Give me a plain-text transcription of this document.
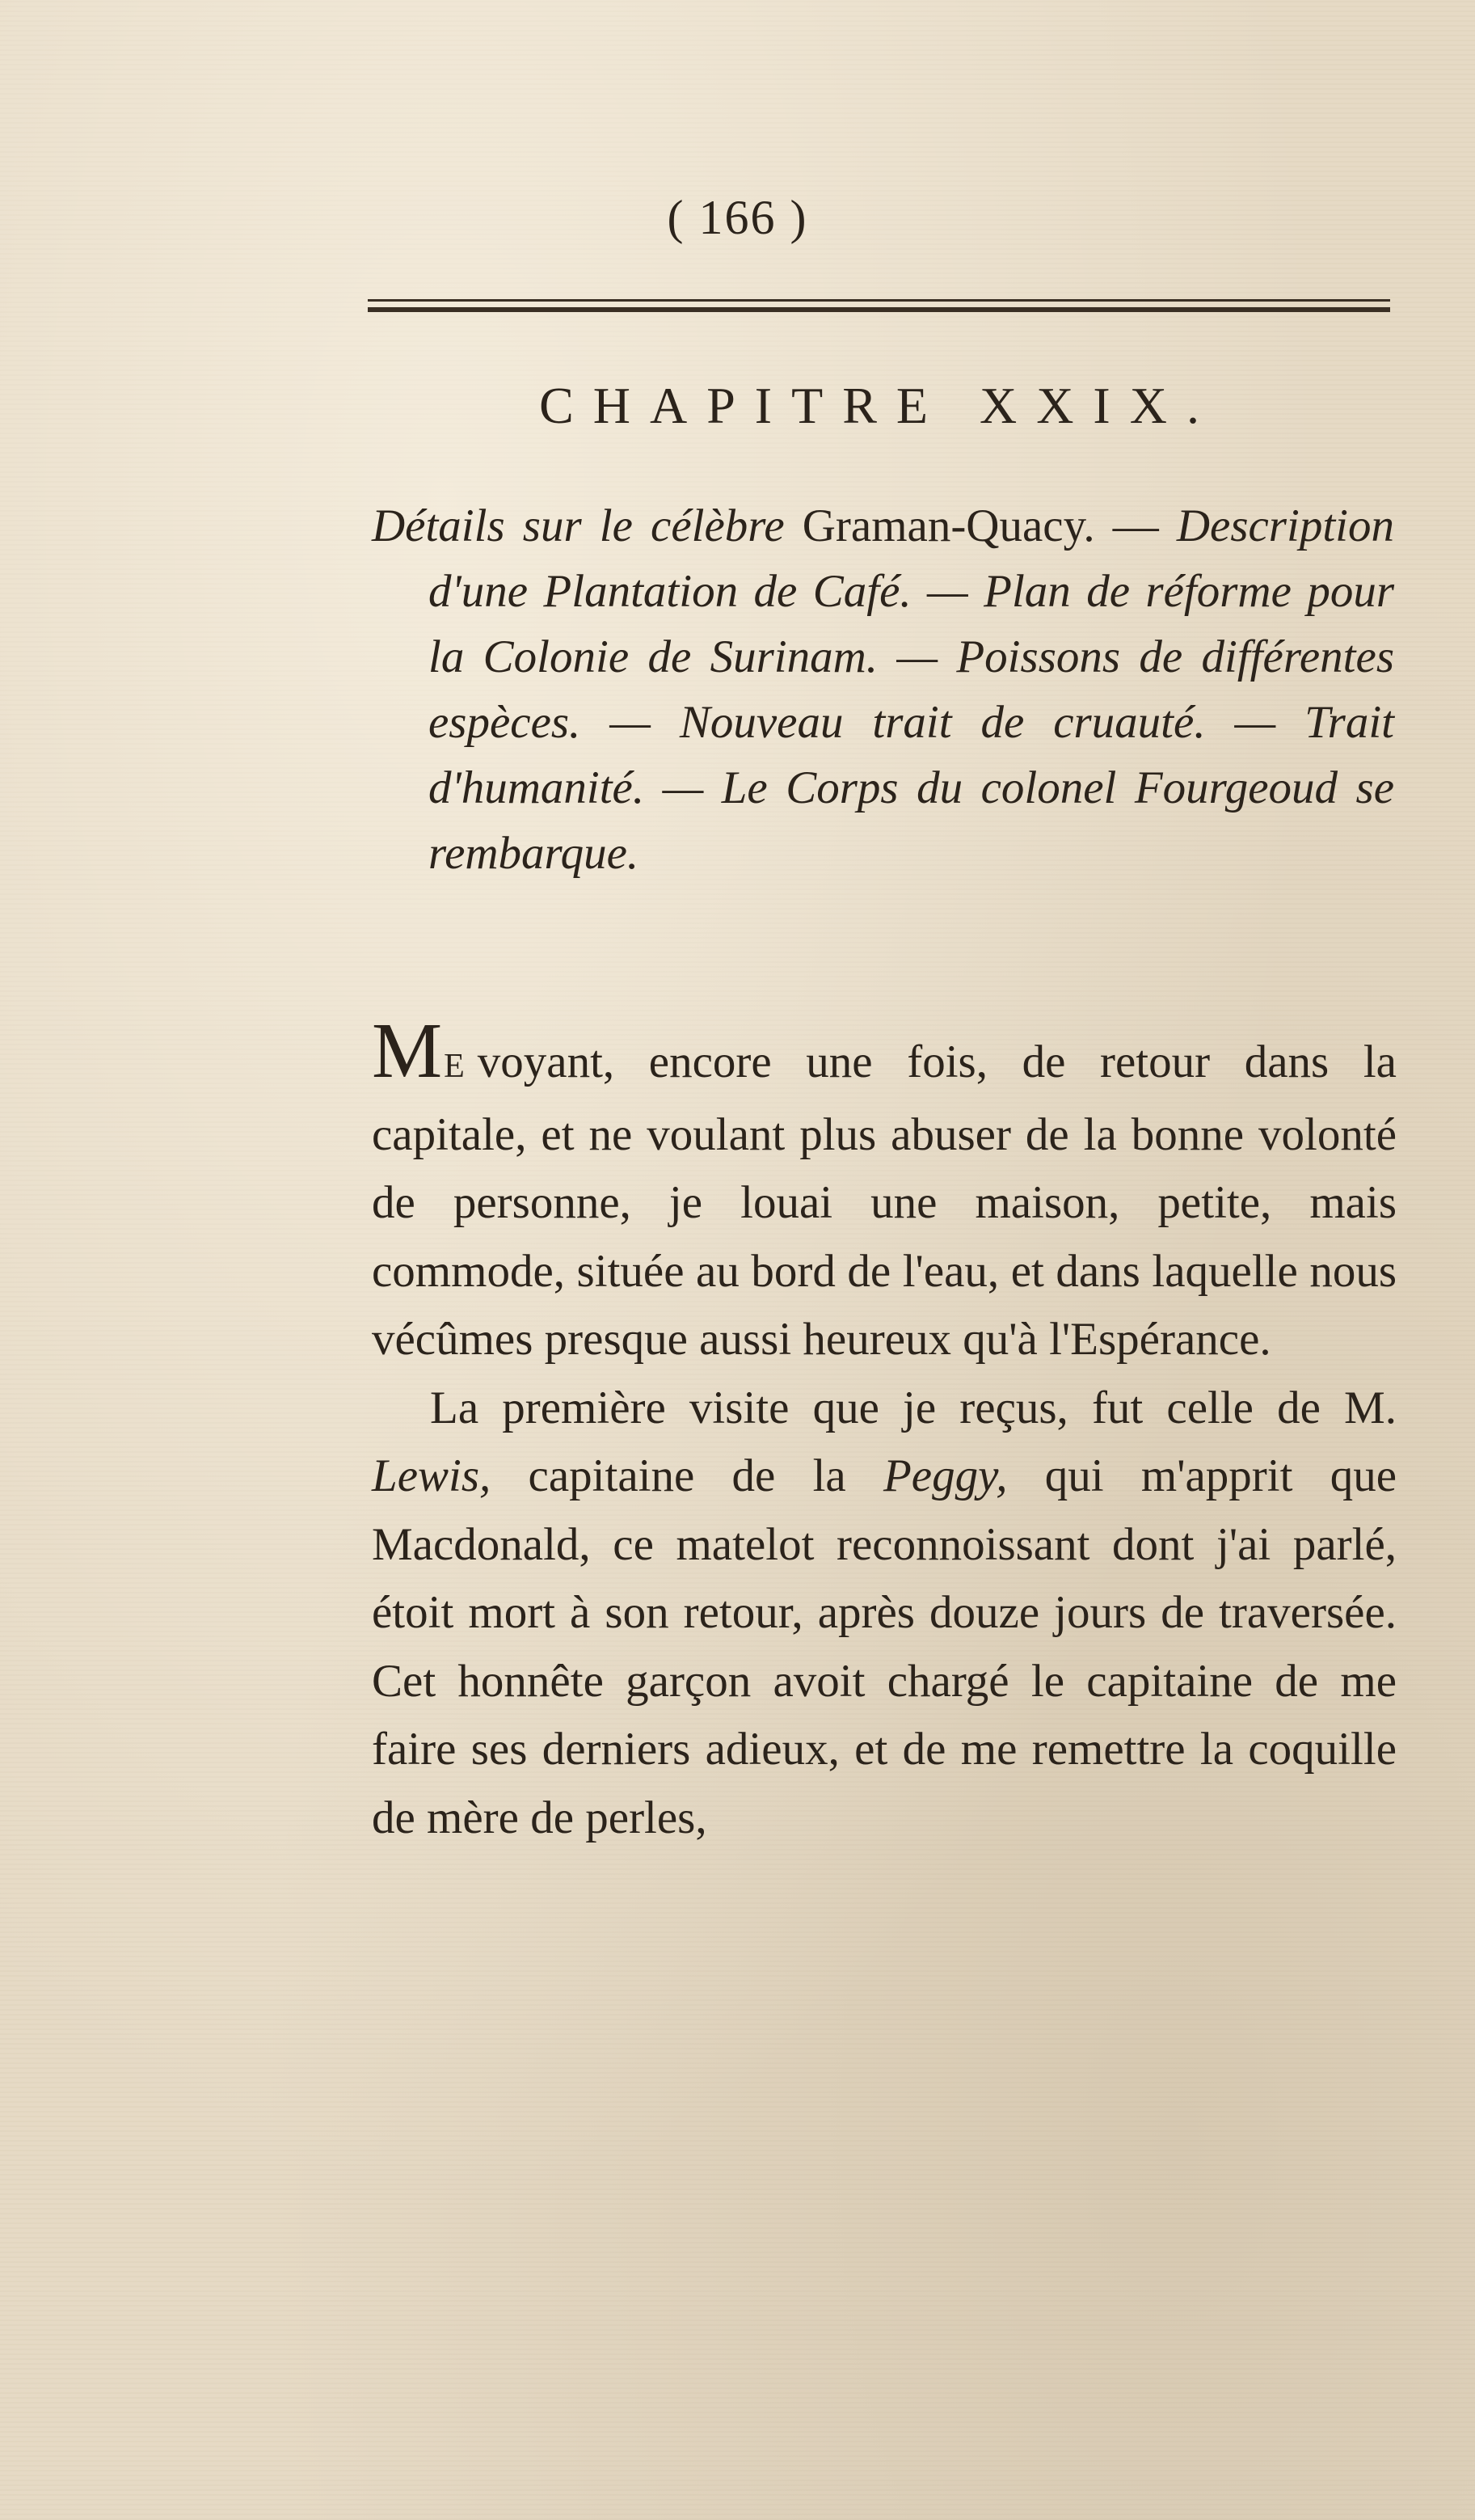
( 166 )
CHAPITRE XXIX.
Détails sur le célèbre Graman-Quacy. — Description d'une Plantation de Café. — Plan de réforme pour la Colonie de Surinam. — Poissons de différentes espèces. — Nouveau trait de cruauté. — Trait d'humanité. — Le Corps du colonel Fourgeoud se rembarque.

ME voyant, encore une fois, de retour dans la capitale, et ne voulant plus abuser de la bonne volonté de personne, je louai une maison, petite, mais commode, située au bord de l'eau, et dans laquelle nous vécûmes presque aussi heureux qu'à l'Espérance.

La première visite que je reçus, fut celle de M. Lewis, capitaine de la Peggy, qui m'apprit que Macdonald, ce matelot reconnoissant dont j'ai parlé, étoit mort à son retour, après douze jours de traversée. Cet honnête garçon avoit chargé le capitaine de me faire ses derniers adieux, et de me remettre la coquille de mère de perles,
